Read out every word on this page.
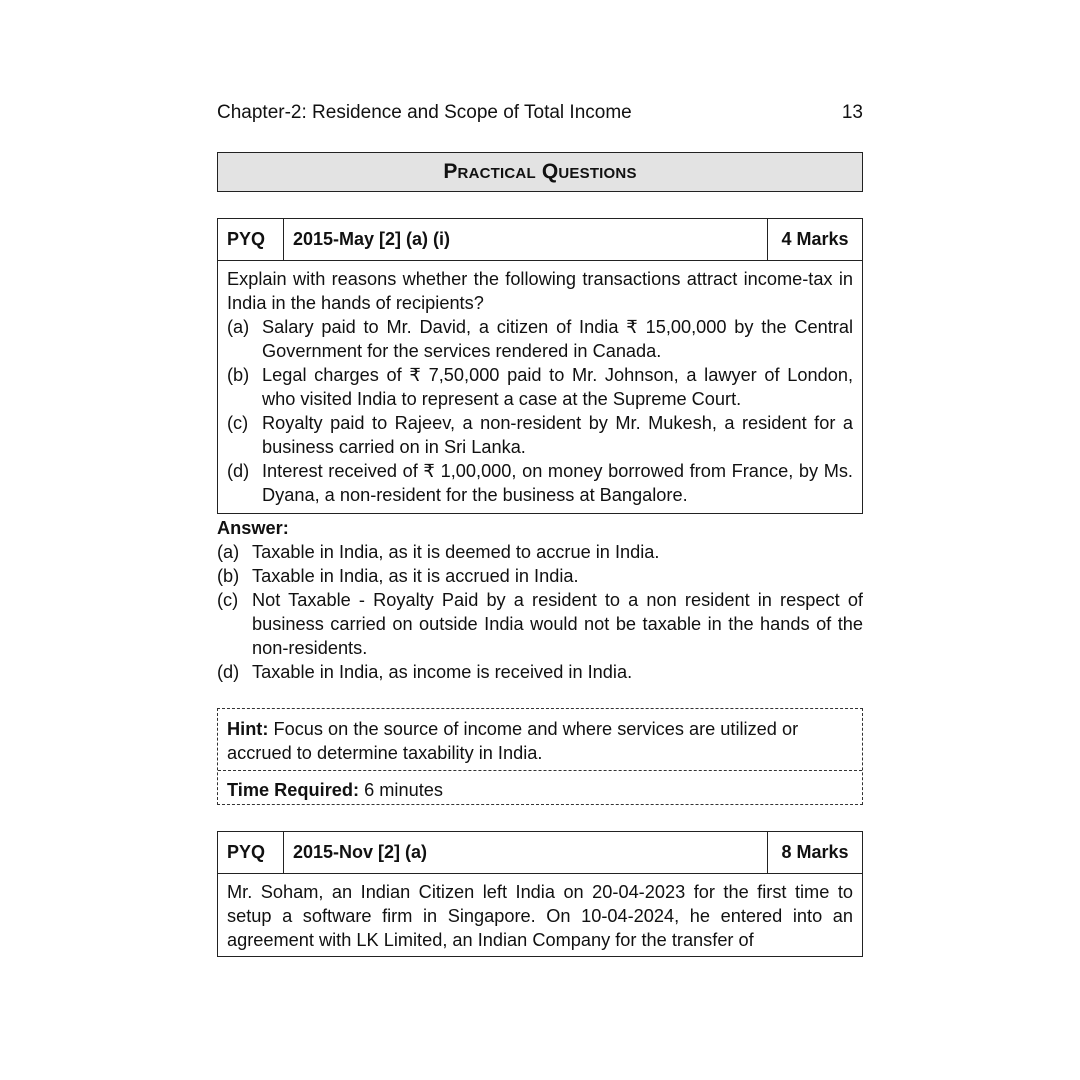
Chapter-2: Residence and Scope of Total Income	13
Practical Questions
PYQ	2015-May [2] (a) (i)	4 Marks
Explain with reasons whether the following transactions attract income-tax in India in the hands of recipients?
(a) Salary paid to Mr. David, a citizen of India ₹ 15,00,000 by the Central Government for the services rendered in Canada.
(b) Legal charges of ₹ 7,50,000 paid to Mr. Johnson, a lawyer of London, who visited India to represent a case at the Supreme Court.
(c) Royalty paid to Rajeev, a non-resident by Mr. Mukesh, a resident for a business carried on in Sri Lanka.
(d) Interest received of ₹ 1,00,000, on money borrowed from France, by Ms. Dyana, a non-resident for the business at Bangalore.
Answer:
(a) Taxable in India, as it is deemed to accrue in India.
(b) Taxable in India, as it is accrued in India.
(c) Not Taxable - Royalty Paid by a resident to a non resident in respect of business carried on outside India would not be taxable in the hands of the non-residents.
(d) Taxable in India, as income is received in India.
Hint: Focus on the source of income and where services are utilized or accrued to determine taxability in India.
Time Required: 6 minutes
PYQ	2015-Nov [2] (a)	8 Marks
Mr. Soham, an Indian Citizen left India on 20-04-2023 for the first time to setup a software firm in Singapore. On 10-04-2024, he entered into an agreement with LK Limited, an Indian Company for the transfer of
